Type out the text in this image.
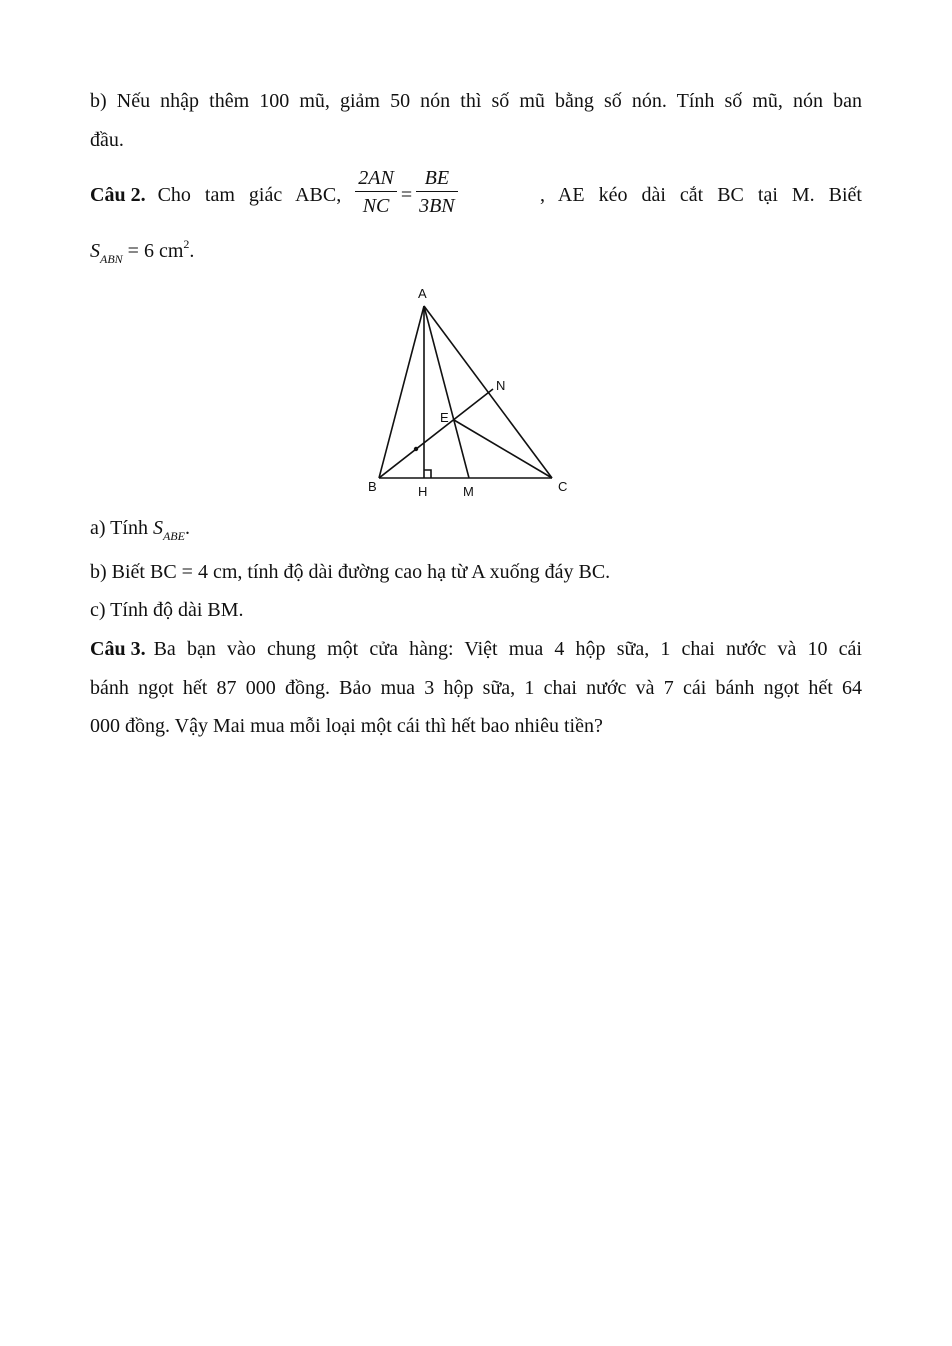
b) Nếu nhập thêm 100 mũ, giảm 50 nón thì số mũ bằng số nón. Tính số mũ, nón ban
đầu.
Câu 2. Cho tam giác ABC, $\frac{2AN}{NC} = \frac{BE}{3BN}$	, AE kéo dài cắt BC tại M. Biết
$S_{ABN} = 6$ $cm^2$.
A
N
E
B	H	M	C
a) Tính $S_{ABE}$.
b) Biết BC = 4 cm, tính độ dài đường cao hạ từ A xuống đáy BC.
c) Tính độ dài BM.
Câu 3. Ba bạn vào chung một cửa hàng: Việt mua 4 hộp sữa, 1 chai nước và 10 cái
bánh ngọt hết 87 000 đồng. Bảo mua 3 hộp sữa, 1 chai nước và 7 cái bánh ngọt hết 64
000 đồng. Vậy Mai mua mỗi loại một cái thì hết bao nhiêu tiền?
